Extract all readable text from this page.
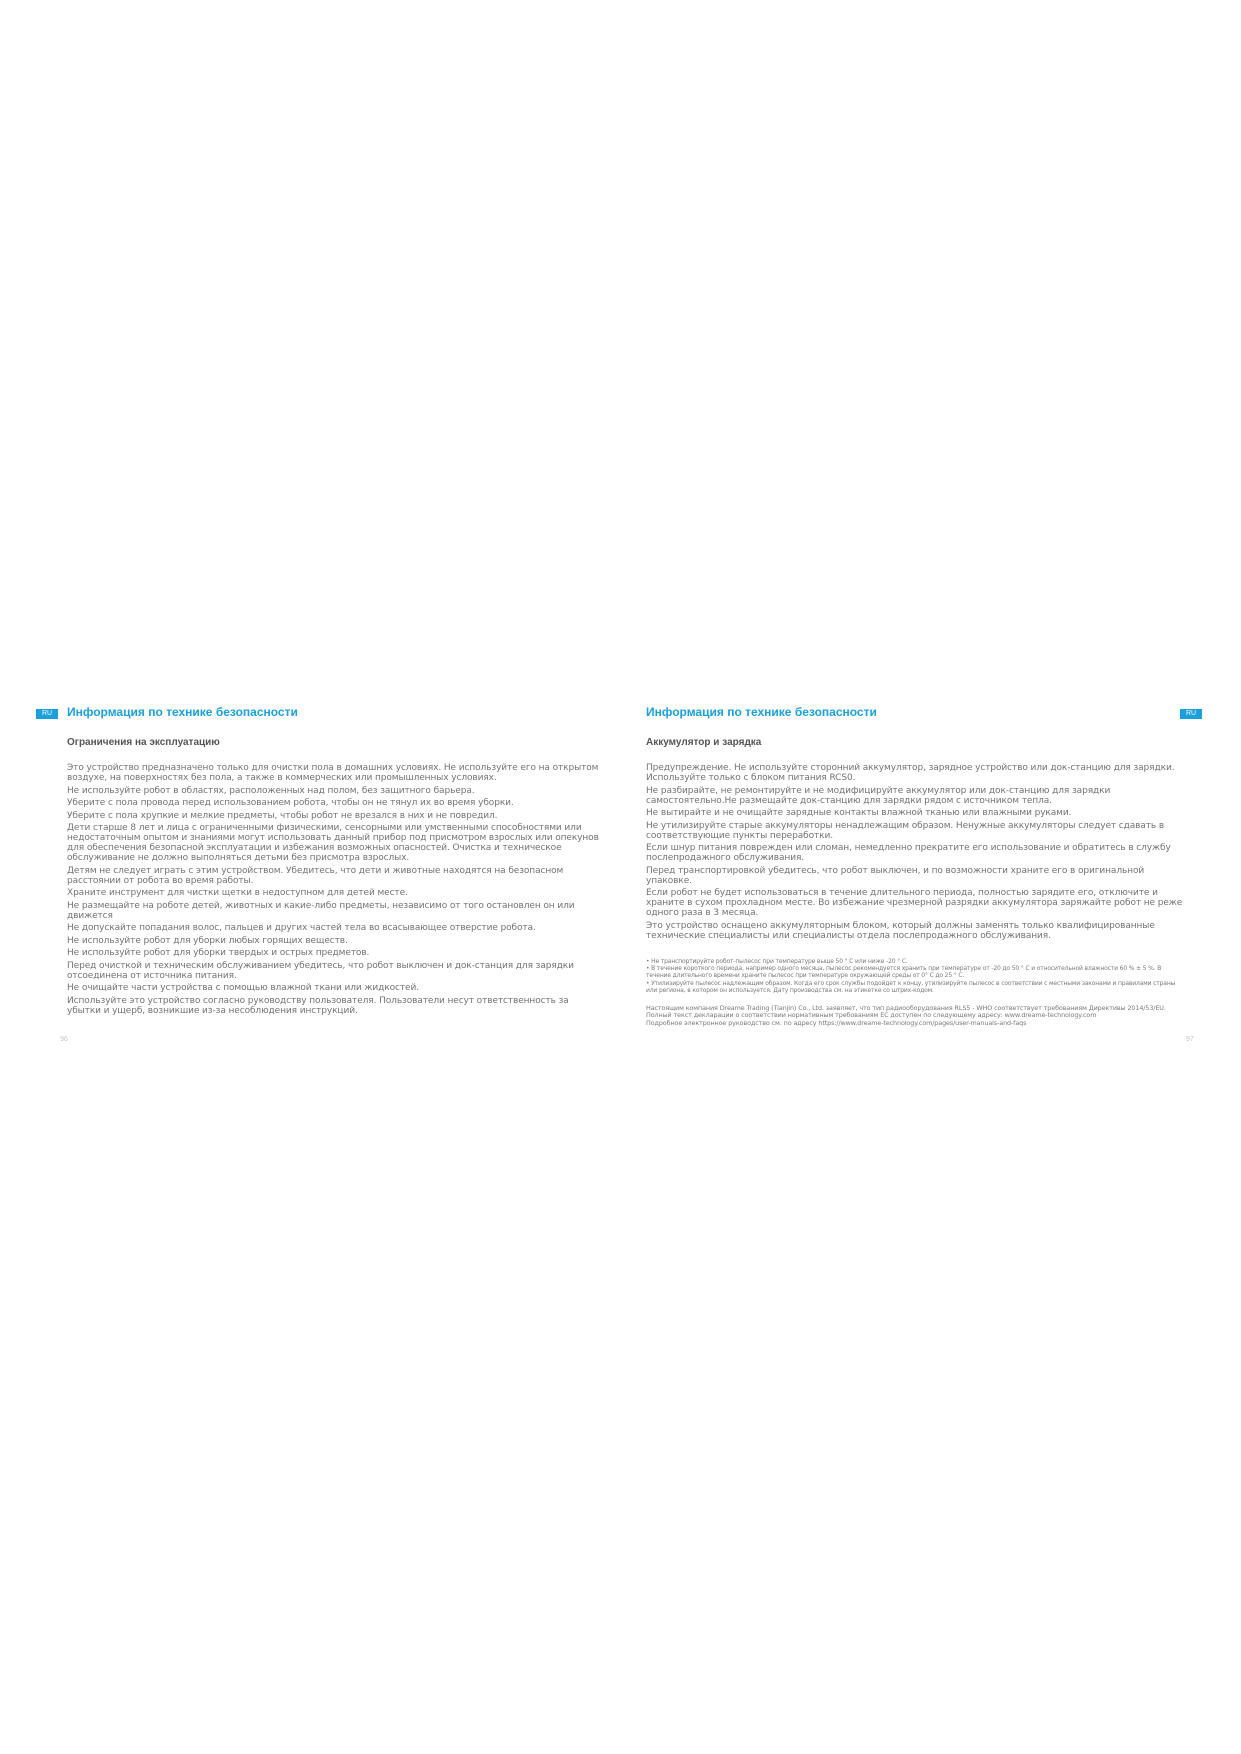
RU	Информация по технике безопасности
Ограничения на эксплуатацию
Это устройство предназначено только для очистки пола в домашних условиях. Не используйте его на открытом воздухе, на поверхностях без пола, а также в коммерческих или промышленных условиях.
Не используйте робот в областях, расположенных над полом, без защитного барьера.
Уберите с пола провода перед использованием робота, чтобы он не тянул их во время уборки.
Уберите с пола хрупкие и мелкие предметы, чтобы робот не врезался в них и не повредил.
Дети старше 8 лет и лица с ограниченными физическими, сенсорными или умственными способностями или недостаточным опытом и знаниями могут использовать данный прибор под присмотром взрослых или опекунов для обеспечения безопасной эксплуатации и избежания возможных опасностей. Очистка и техническое обслуживание не должно выполняться детьми без присмотра взрослых.
Детям не следует играть с этим устройством. Убедитесь, что дети и животные находятся на безопасном расстоянии от робота во время работы.
Храните инструмент для чистки щетки в недоступном для детей месте.
Не размещайте на роботе детей, животных и какие-либо предметы, независимо от того остановлен он или движется
Не допускайте попадания волос, пальцев и других частей тела во всасывающее отверстие робота.
Не используйте робот для уборки любых горящих веществ.
Не используйте робот для уборки твердых и острых предметов.
Перед очисткой и техническим обслуживанием убедитесь, что робот выключен и док-станция для зарядки отсоединена от источника питания.
Не очищайте части устройства с помощью влажной ткани или жидкостей.
Используйте это устройство согласно руководству пользователя. Пользователи несут ответственность за убытки и ущерб, возникшие из-за несоблюдения инструкций.
96
Информация по технике безопасности	RU
Аккумулятор и зарядка
Предупреждение. Не используйте сторонний аккумулятор, зарядное устройство или док-станцию для зарядки. Используйте только с блоком питания RCS0.
Не разбирайте, не ремонтируйте и не модифицируйте аккумулятор или док-станцию для зарядки самостоятельно.Не размещайте док-станцию для зарядки рядом с источником тепла.
Не вытирайте и не очищайте зарядные контакты влажной тканью или влажными руками.
Не утилизируйте старые аккумуляторы ненадлежащим образом. Ненужные аккумуляторы следует сдавать в соответствующие пункты переработки.
Если шнур питания поврежден или сломан, немедленно прекратите его использование и обратитесь в службу послепродажного обслуживания.
Перед транспортировкой убедитесь, что робот выключен, и по возможности храните его в оригинальной упаковке.
Если робот не будет использоваться в течение длительного периода, полностью зарядите его, отключите и храните в сухом прохладном месте. Во избежание чрезмерной разрядки аккумулятора заряжайте робот не реже одного раза в 3 месяца.
Это устройство оснащено аккумуляторным блоком, который должны заменять только квалифицированные технические специалисты или специалисты отдела послепродажного обслуживания.
• Не транспортируйте робот-пылесос при температуре выше 50 ° C или ниже -20 ° C.
• В течение короткого периода, например одного месяца, пылесос рекомендуется хранить при температуре от -20 до 50 ° C и относительной влажности 60 % ± 5 %. В течение длительного времени храните пылесос при температуре окружающей среды от 0° C до 25 ° C.
• Утилизируйте пылесос надлежащим образом. Когда его срок службы подойдет к концу, утилизируйте пылесос в соответствии с местными законами и правилами страны или региона, в котором он используется. Дату производства см. на этикетке со штрих-кодом.

Настоящим компания Dreame Trading (Tianjin) Co., Ltd. заявляет, что тип радиооборудования RLS5 - WHO соответствует требованиям Директивы 2014/53/EU. Полный текст декларации о соответствии нормативным требованиям ЕС доступен по следующему адресу: www.dreame-technology.com

Подробное электронное руководство см. по адресу https://www.dreame-technology.com/pages/user-manuals-and-faqs

97
